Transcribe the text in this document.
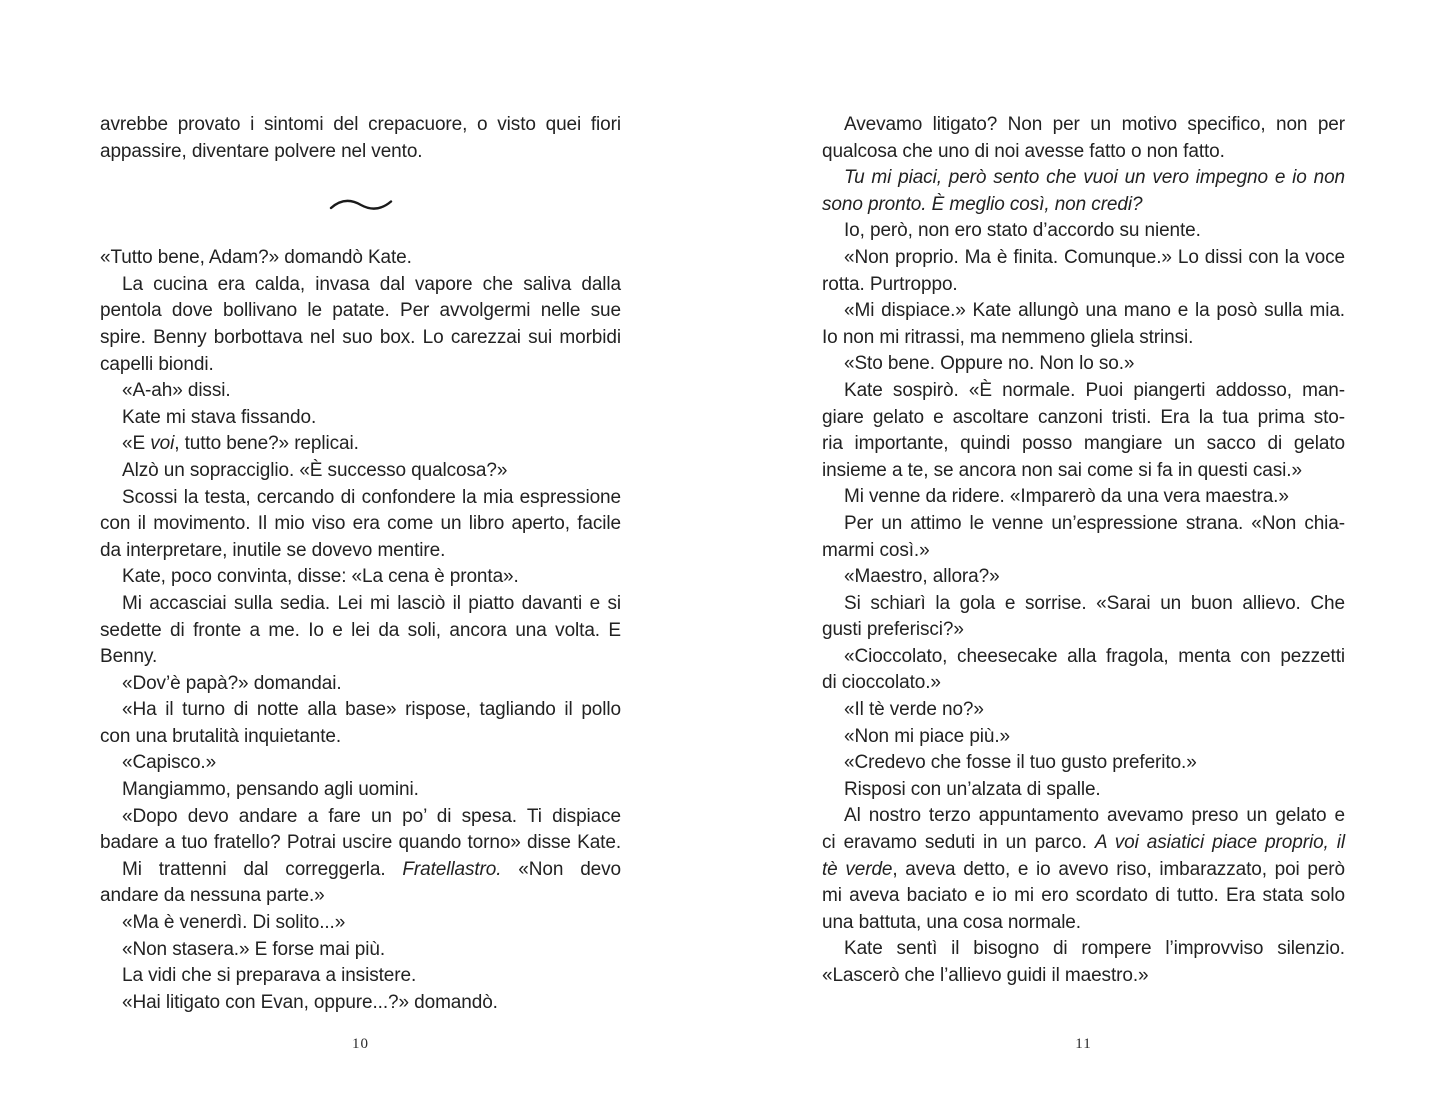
avrebbe provato i sintomi del crepacuore, o visto quei fiori
appassire, diventare polvere nel vento.
«Tutto bene, Adam?» domandò Kate.
La cucina era calda, invasa dal vapore che saliva dalla
pentola dove bollivano le patate. Per avvolgermi nelle sue
spire. Benny borbottava nel suo box. Lo carezzai sui morbidi
capelli biondi.
«A-ah» dissi.
Kate mi stava fissando.
«E voi, tutto bene?» replicai.
Alzò un sopracciglio. «È successo qualcosa?»
Scossi la testa, cercando di confondere la mia espressione
con il movimento. Il mio viso era come un libro aperto, facile
da interpretare, inutile se dovevo mentire.
Kate, poco convinta, disse: «La cena è pronta».
Mi accasciai sulla sedia. Lei mi lasciò il piatto davanti e si
sedette di fronte a me. Io e lei da soli, ancora una volta. E Benny.
«Dov’è papà?» domandai.
«Ha il turno di notte alla base» rispose, tagliando il pollo
con una brutalità inquietante.
«Capisco.»
Mangiammo, pensando agli uomini.
«Dopo devo andare a fare un po’ di spesa. Ti dispiace
badare a tuo fratello? Potrai uscire quando torno» disse Kate.
Mi trattenni dal correggerla. Fratellastro. «Non devo
andare da nessuna parte.»
«Ma è venerdì. Di solito...»
«Non stasera.» E forse mai più.
La vidi che si preparava a insistere.
«Hai litigato con Evan, oppure...?» domandò.
10
Avevamo litigato? Non per un motivo specifico, non per
qualcosa che uno di noi avesse fatto o non fatto.
Tu mi piaci, però sento che vuoi un vero impegno e io non
sono pronto. È meglio così, non credi?
Io, però, non ero stato d’accordo su niente.
«Non proprio. Ma è finita. Comunque.» Lo dissi con la voce
rotta. Purtroppo.
«Mi dispiace.» Kate allungò una mano e la posò sulla mia.
Io non mi ritrassi, ma nemmeno gliela strinsi.
«Sto bene. Oppure no. Non lo so.»
Kate sospirò. «È normale. Puoi piangerti addosso, man-
giare gelato e ascoltare canzoni tristi. Era la tua prima sto-
ria importante, quindi posso mangiare un sacco di gelato
insieme a te, se ancora non sai come si fa in questi casi.»
Mi venne da ridere. «Imparerò da una vera maestra.»
Per un attimo le venne un’espressione strana. «Non chia-
marmi così.»
«Maestro, allora?»
Si schiarì la gola e sorrise. «Sarai un buon allievo. Che
gusti preferisci?»
«Cioccolato, cheesecake alla fragola, menta con pezzetti
di cioccolato.»
«Il tè verde no?»
«Non mi piace più.»
«Credevo che fosse il tuo gusto preferito.»
Risposi con un’alzata di spalle.
Al nostro terzo appuntamento avevamo preso un gelato e
ci eravamo seduti in un parco. A voi asiatici piace proprio, il
tè verde, aveva detto, e io avevo riso, imbarazzato, poi però
mi aveva baciato e io mi ero scordato di tutto. Era stata solo
una battuta, una cosa normale.
Kate sentì il bisogno di rompere l’improvviso silenzio.
«Lascerò che l’allievo guidi il maestro.»
11
